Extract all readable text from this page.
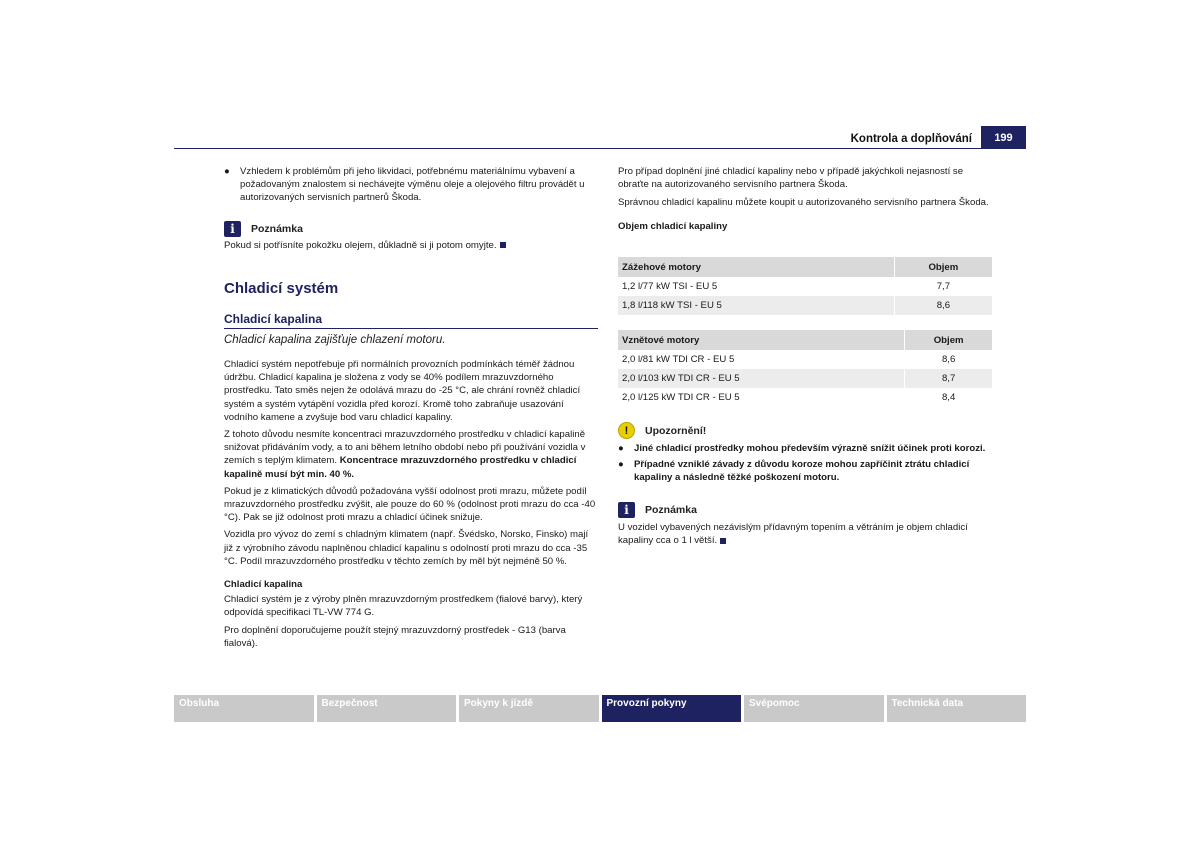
Kontrola a doplňování	199

● Vzhledem k problémům při jeho likvidaci, potřebnému materiálnímu vybavení a požadovaným znalostem si nechávejte výměnu oleje a olejového filtru provádět u autorizovaných servisních partnerů Škoda.

i	Poznámka

Pokud si potřísníte pokožku olejem, důkladně si ji potom omyjte.

Chladicí systém
Chladicí kapalina
Chladicí kapalina zajišťuje chlazení motoru.

Chladicí systém nepotřebuje při normálních provozních podmínkách téměř žádnou údržbu. Chladicí kapalina je složena z vody se 40% podílem mrazuvzdorného prostředku. Tato směs nejen že odolává mrazu do -25 °C, ale chrání rovněž chladicí systém a systém vytápění vozidla před korozí. Kromě toho zabraňuje usazování vodního kamene a zvyšuje bod varu chladicí kapaliny.

Z tohoto důvodu nesmíte koncentraci mrazuvzdorného prostředku v chladicí kapalině snižovat přidáváním vody, a to ani během letního období nebo při používání vozidla v zemích s teplým klimatem. Koncentrace mrazuvzdorného prostředku v chladicí kapalině musí být min. 40 %.

Pokud je z klimatických důvodů požadována vyšší odolnost proti mrazu, můžete podíl mrazuvzdorného prostředku zvýšit, ale pouze do 60 % (odolnost proti mrazu do cca -40 °C). Pak se již odolnost proti mrazu a chladicí účinek snižuje.

Vozidla pro vývoz do zemí s chladným klimatem (např. Švédsko, Norsko, Finsko) mají již z výrobního závodu naplněnou chladicí kapalinu s odolností proti mrazu do cca -35 °C. Podíl mrazuvzdorného prostředku v těchto zemích by měl být nejméně 50 %.

Chladicí kapalina

Chladicí systém je z výroby plněn mrazuvzdorným prostředkem (fialové barvy), který odpovídá specifikaci TL-VW 774 G.

Pro doplnění doporučujeme použít stejný mrazuvzdorný prostředek - G13 (barva fialová).

Pro případ doplnění jiné chladicí kapaliny nebo v případě jakýchkoli nejasností se obraťte na autorizovaného servisního partnera Škoda.

Správnou chladicí kapalinu můžete koupit u autorizovaného servisního partnera Škoda.

Objem chladicí kapaliny

Zážehové motory	Objem
1,2 l/77 kW TSI - EU 5	7,7
1,8 l/118 kW TSI - EU 5	8,6
Vznětové motory	Objem
2,0 l/81 kW TDI CR - EU 5	8,6
2,0 l/103 kW TDI CR - EU 5	8,7
2,0 l/125 kW TDI CR - EU 5	8,4
!	Upozornění!

● Jiné chladicí prostředky mohou především výrazně snížit účinek proti korozi.

● Případné vzniklé závady z důvodu koroze mohou zapříčinit ztrátu chladicí kapaliny a následně těžké poškození motoru.

i	Poznámka

U vozidel vybavených nezávislým přídavným topením a větráním je objem chladicí kapaliny cca o 1 l větší.

Obsluha	Bezpečnost	Pokyny k jízdě	Provozní pokyny	Svépomoc	Technická data
